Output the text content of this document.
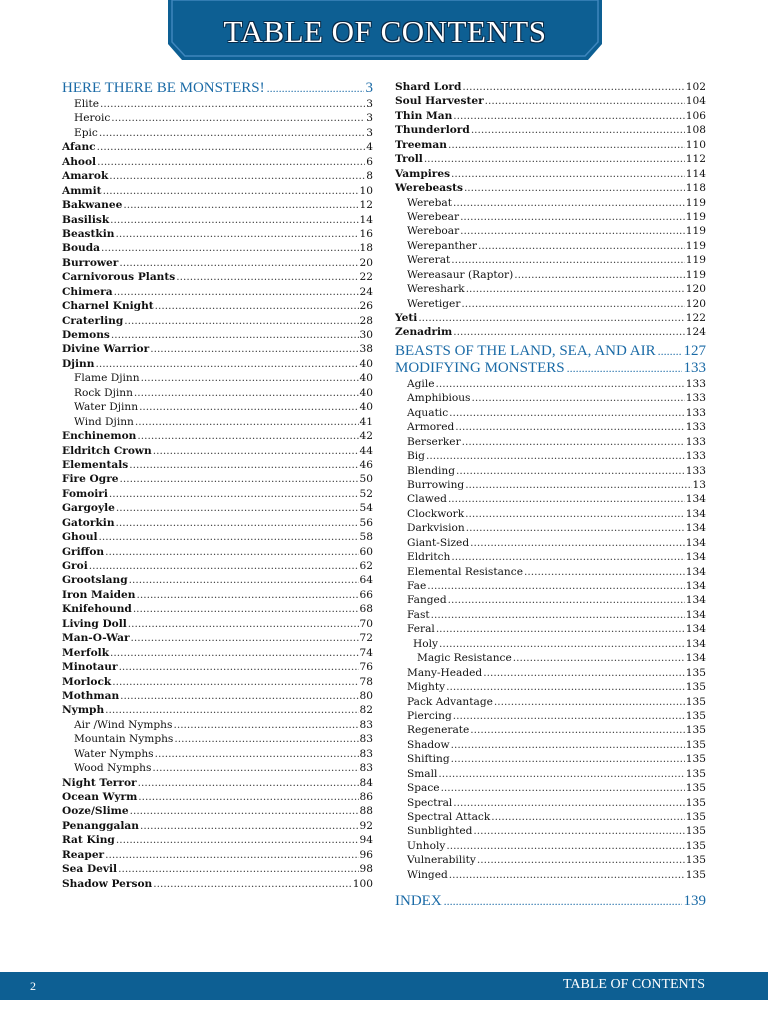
TABLE OF CONTENTS
HERE THERE BE MONSTERS! .....	3
Elite .....	3
Heroic .....	3
Epic .....	3
Afanc .....	4
Ahool .....	6
Amarok .....	8
Ammit .....	10
Bakwanee .....	12
Basilisk .....	14
Beastkin .....	16
Bouda .....	18
Burrower .....	20
Carnivorous Plants .....	22
Chimera .....	24
Charnel Knight .....	26
Craterling .....	28
Demons .....	30
Divine Warrior .....	38
Djinn .....	40
Flame Djinn .....	40
Rock Djinn .....	40
Water Djinn .....	40
Wind Djinn .....	41
Enchinemon .....	42
Eldritch Crown .....	44
Elementals .....	46
Fire Ogre .....	50
Fomoiri .....	52
Gargoyle .....	54
Gatorkin .....	56
Ghoul .....	58
Griffon .....	60
Groi .....	62
Grootslang .....	64
Iron Maiden .....	66
Knifehound .....	68
Living Doll .....	70
Man-O-War .....	72
Merfolk .....	74
Minotaur .....	76
Morlock .....	78
Mothman .....	80
Nymph .....	82
Air /Wind Nymphs .....	83
Mountain Nymphs .....	83
Water Nymphs .....	83
Wood Nymphs .....	83
Night Terror .....	84
Ocean Wyrm .....	86
Ooze/Slime .....	88
Penanggalan .....	92
Rat King .....	94
Reaper .....	96
Sea Devil .....	98
Shadow Person .....	100
Shard Lord .....	102
Soul Harvester .....	104
Thin Man .....	106
Thunderlord .....	108
Treeman .....	110
Troll .....	112
Vampires .....	114
Werebeasts .....	118
Werebat .....	119
Werebear .....	119
Wereboar .....	119
Werepanther .....	119
Wererat .....	119
Wereasaur (Raptor) .....	119
Wereshark .....	120
Weretiger .....	120
Yeti .....	122
Zenadrim .....	124
BEASTS OF THE LAND, SEA, AND AIR ..... 127
MODIFYING MONSTERS .....	133
Agile .....	133
Amphibious .....	133
Aquatic .....	133
Armored .....	133
Berserker .....	133
Big .....	133
Blending .....	133
Burrowing .....	13
Clawed .....	134
Clockwork .....	134
Darkvision .....	134
Giant-Sized .....	134
Eldritch .....	134
Elemental Resistance .....	134
Fae .....	134
Fanged .....	134
Fast .....	134
Feral .....	134
Holy .....	134
Magic Resistance .....	134
Many-Headed .....	135
Mighty .....	135
Pack Advantage .....	135
Piercing .....	135
Regenerate .....	135
Shadow .....	135
Shifting .....	135
Small .....	135
Space .....	135
Spectral .....	135
Spectral Attack .....	135
Sunblighted .....	135
Unholy .....	135
Vulnerability .....	135
Winged .....	135
INDEX .....	139
2	TABLE OF CONTENTS
